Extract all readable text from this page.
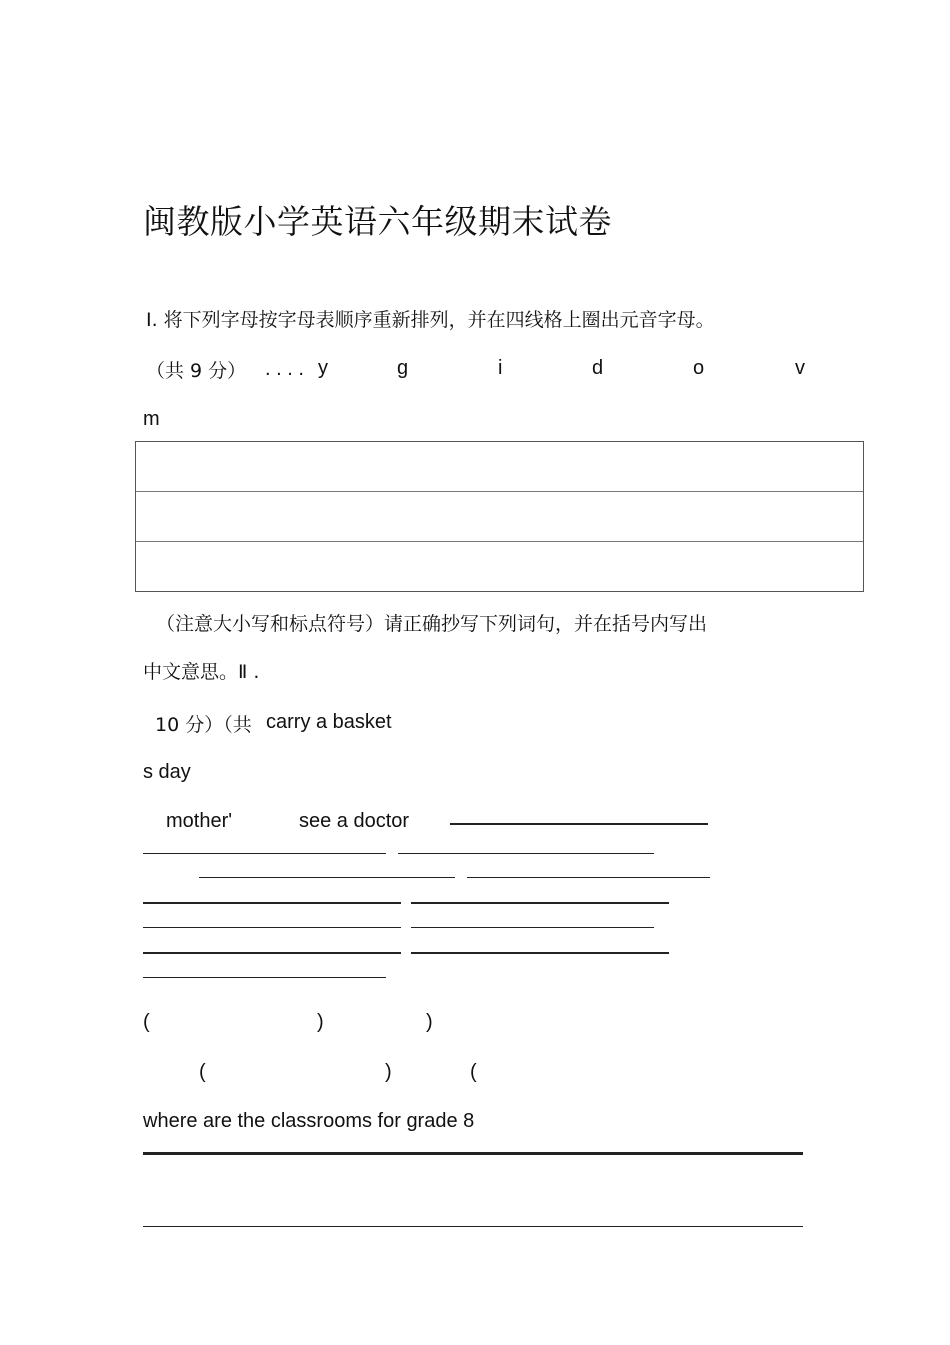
闽教版小学英语六年级期末试卷
Ⅰ. 将下列字母按字母表顺序重新排列，并在四线格上圈出元音字母。
（共 9 分） . . . . y	g	i	d	o	v
m
（注意大小写和标点符号）请正确抄写下列词句，并在括号内写出
中文意思。Ⅱ .
10 分）（共 carry a basket
s day
mother'	see a doctor
(	)	)
(	)	(
where are the classrooms for grade 8
